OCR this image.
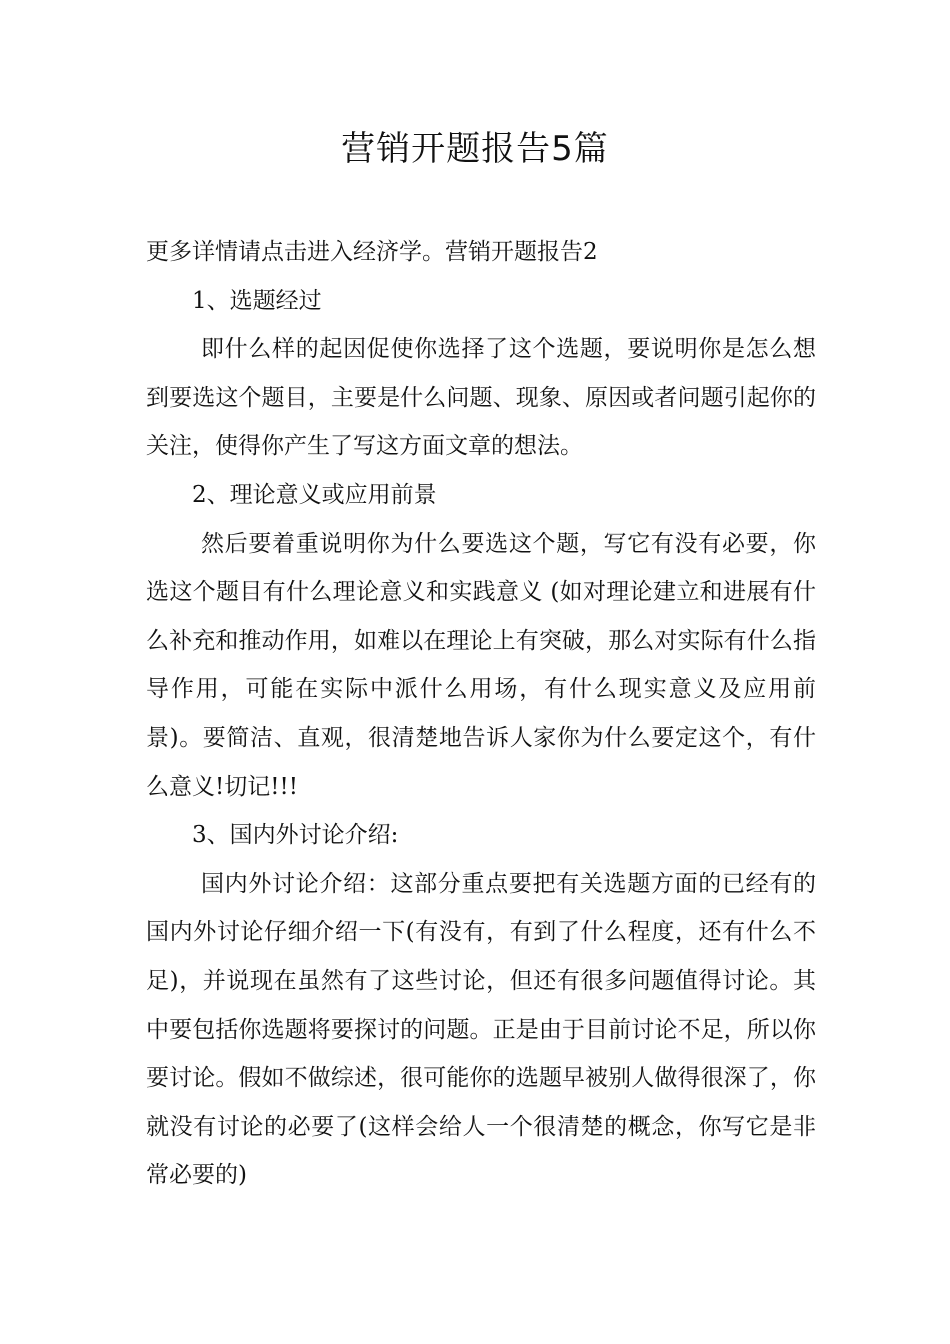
营销开题报告5篇

更多详情请点击进入经济学。营销开题报告2

1、选题经过

即什么样的起因促使你选择了这个选题，要说明你是怎么想到要选这个题目，主要是什么问题、现象、原因或者问题引起你的关注，使得你产生了写这方面文章的想法。

2、理论意义或应用前景

然后要着重说明你为什么要选这个题，写它有没有必要，你选这个题目有什么理论意义和实践意义 (如对理论建立和进展有什么补充和推动作用，如难以在理论上有突破，那么对实际有什么指导作用，可能在实际中派什么用场，有什么现实意义及应用前景)。要简洁、直观，很清楚地告诉人家你为什么要定这个，有什么意义!切记!!!

3、国内外讨论介绍:

国内外讨论介绍：这部分重点要把有关选题方面的已经有的国内外讨论仔细介绍一下(有没有，有到了什么程度，还有什么不足)，并说现在虽然有了这些讨论，但还有很多问题值得讨论。其中要包括你选题将要探讨的问题。正是由于目前讨论不足，所以你要讨论。假如不做综述，很可能你的选题早被别人做得很深了，你就没有讨论的必要了(这样会给人一个很清楚的概念，你写它是非常必要的)
